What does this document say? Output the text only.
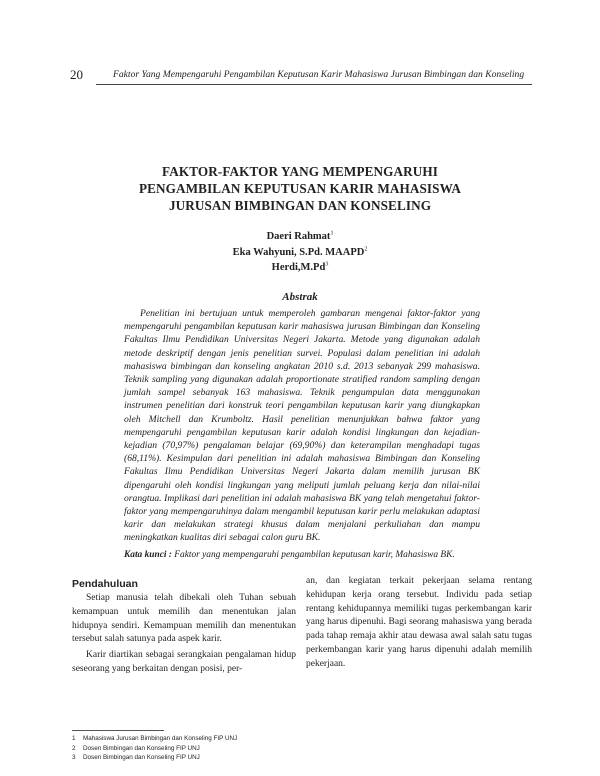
20	Faktor Yang Mempengaruhi Pengambilan Keputusan Karir Mahasiswa Jurusan Bimbingan dan Konseling
FAKTOR-FAKTOR YANG MEMPENGARUHI
PENGAMBILAN KEPUTUSAN KARIR MAHASISWA
JURUSAN BIMBINGAN DAN KONSELING
Daeri Rahmat$^1$
Eka Wahyuni, S.Pd. MAAPD$^2$
Herdi,M.Pd$^3$
Abstrak
Penelitian ini bertujuan untuk memperoleh gambaran mengenai faktor-faktor yang mempengaruhi pengambilan keputusan karir mahasiswa jurusan Bimbingan dan Konseling Fakultas Ilmu Pendidikan Universitas Negeri Jakarta. Metode yang digunakan adalah metode deskriptif dengan jenis penelitian survei. Populasi dalam penelitian ini adalah mahasiswa bimbingan dan konseling angkatan 2010 s.d. 2013 sebanyak 299 mahasiswa. Teknik sampling yang digunakan adalah proportionate stratified random sampling dengan jumlah sampel sebanyak 163 mahasiswa. Teknik pengumpulan data menggunakan instrumen penelitian dari konstruk teori pengambilan keputusan karir yang diungkapkan oleh Mitchell dan Krumboltz. Hasil penelitian menunjukkan bahwa faktor yang mempengaruhi pengambilan keputusan karir adalah kondisi lingkungan dan kejadian-kejadian (70,97%) pengalaman belajar (69,90%) dan keterampilan menghadapi tugas (68,11%). Kesimpulan dari penelitian ini adalah mahasiswa Bimbingan dan Konseling Fakultas Ilmu Pendidikan Universitas Negeri Jakarta dalam memilih jurusan BK dipengaruhi oleh kondisi lingkungan yang meliputi jumlah peluang kerja dan nilai-nilai orangtua. Implikasi dari penelitian ini adalah mahasiswa BK yang telah mengetahui faktor-faktor yang mempengaruhinya dalam mengambil keputusan karir perlu melakukan adaptasi karir dan melakukan strategi khusus dalam menjalani perkuliahan dan mampu meningkatkan kualitas diri sebagai calon guru BK.
Kata kunci : Faktor yang mempengaruhi pengambilan keputusan karir, Mahasiswa BK.
Pendahuluan

Setiap manusia telah dibekali oleh Tuhan sebuah kemampuan untuk memilih dan menentukan jalan hidupnya sendiri. Kemampuan memilih dan menentukan tersebut salah satunya pada aspek karir.

Karir diartikan sebagai serangkaian pengalaman hidup seseorang yang berkaitan dengan posisi, per-

an, dan kegiatan terkait pekerjaan selama rentang kehidupan kerja orang tersebut. Individu pada setiap rentang kehidupannya memiliki tugas perkembangan karir yang harus dipenuhi. Bagi seorang mahasiswa yang berada pada tahap remaja akhir atau dewasa awal salah satu tugas perkembangan karir yang harus dipenuhi adalah memilih pekerjaan.

1	Mahasiswa Jurusan Bimbingan dan Konseling FIP UNJ
2	Dosen Bimbingan dan Konseling FIP UNJ
3	Dosen Bimbingan dan Konseling FIP UNJ
